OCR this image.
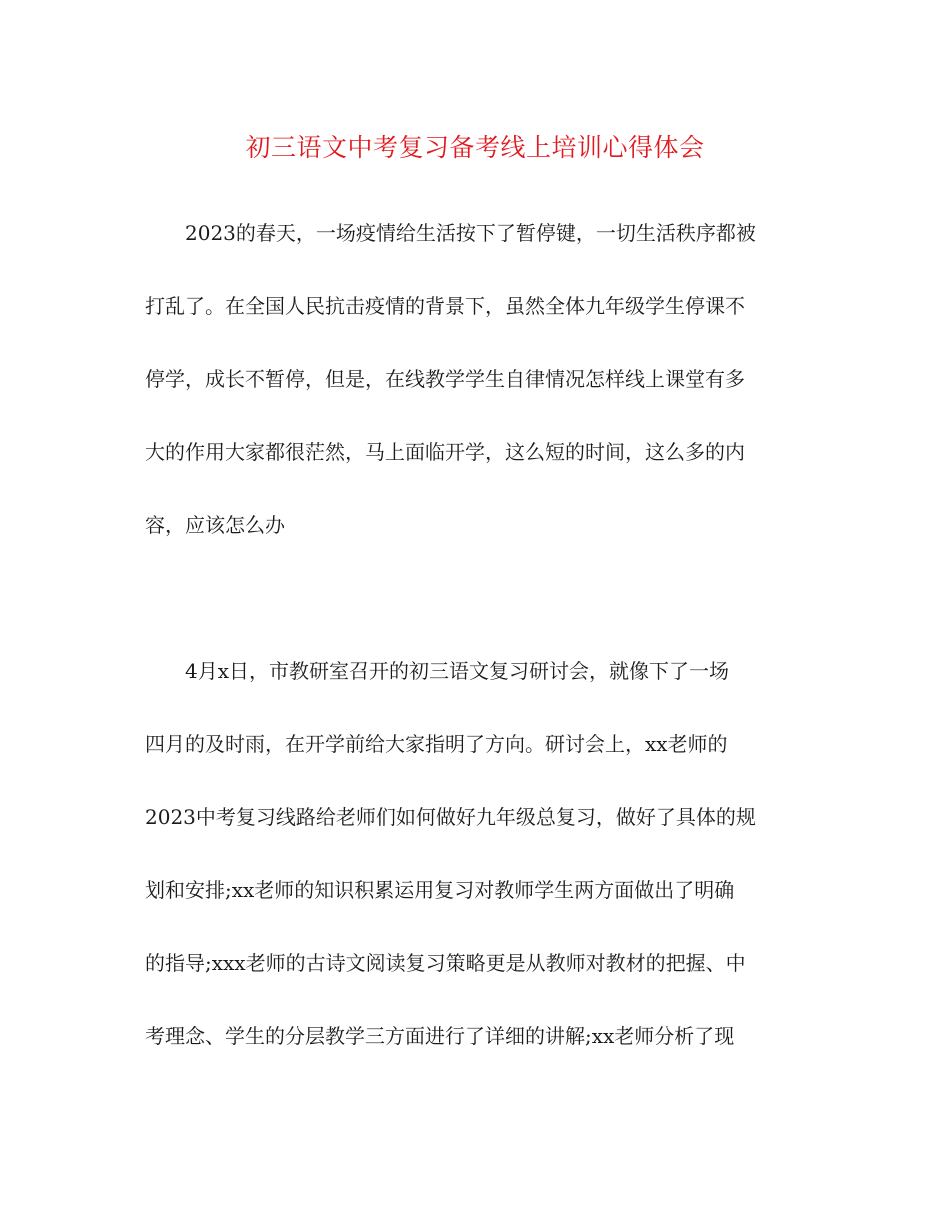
初三语文中考复习备考线上培训心得体会
2023的春天，一场疫情给生活按下了暂停键，一切生活秩序都被
打乱了。在全国人民抗击疫情的背景下，虽然全体九年级学生停课不
停学，成长不暂停，但是，在线教学学生自律情况怎样线上课堂有多
大的作用大家都很茫然，马上面临开学，这么短的时间，这么多的内
容，应该怎么办
4月x日，市教研室召开的初三语文复习研讨会，就像下了一场
四月的及时雨，在开学前给大家指明了方向。研讨会上，xx老师的
2023中考复习线路给老师们如何做好九年级总复习，做好了具体的规
划和安排;xx老师的知识积累运用复习对教师学生两方面做出了明确
的指导;xxx老师的古诗文阅读复习策略更是从教师对教材的把握、中
考理念、学生的分层教学三方面进行了详细的讲解;xx老师分析了现
